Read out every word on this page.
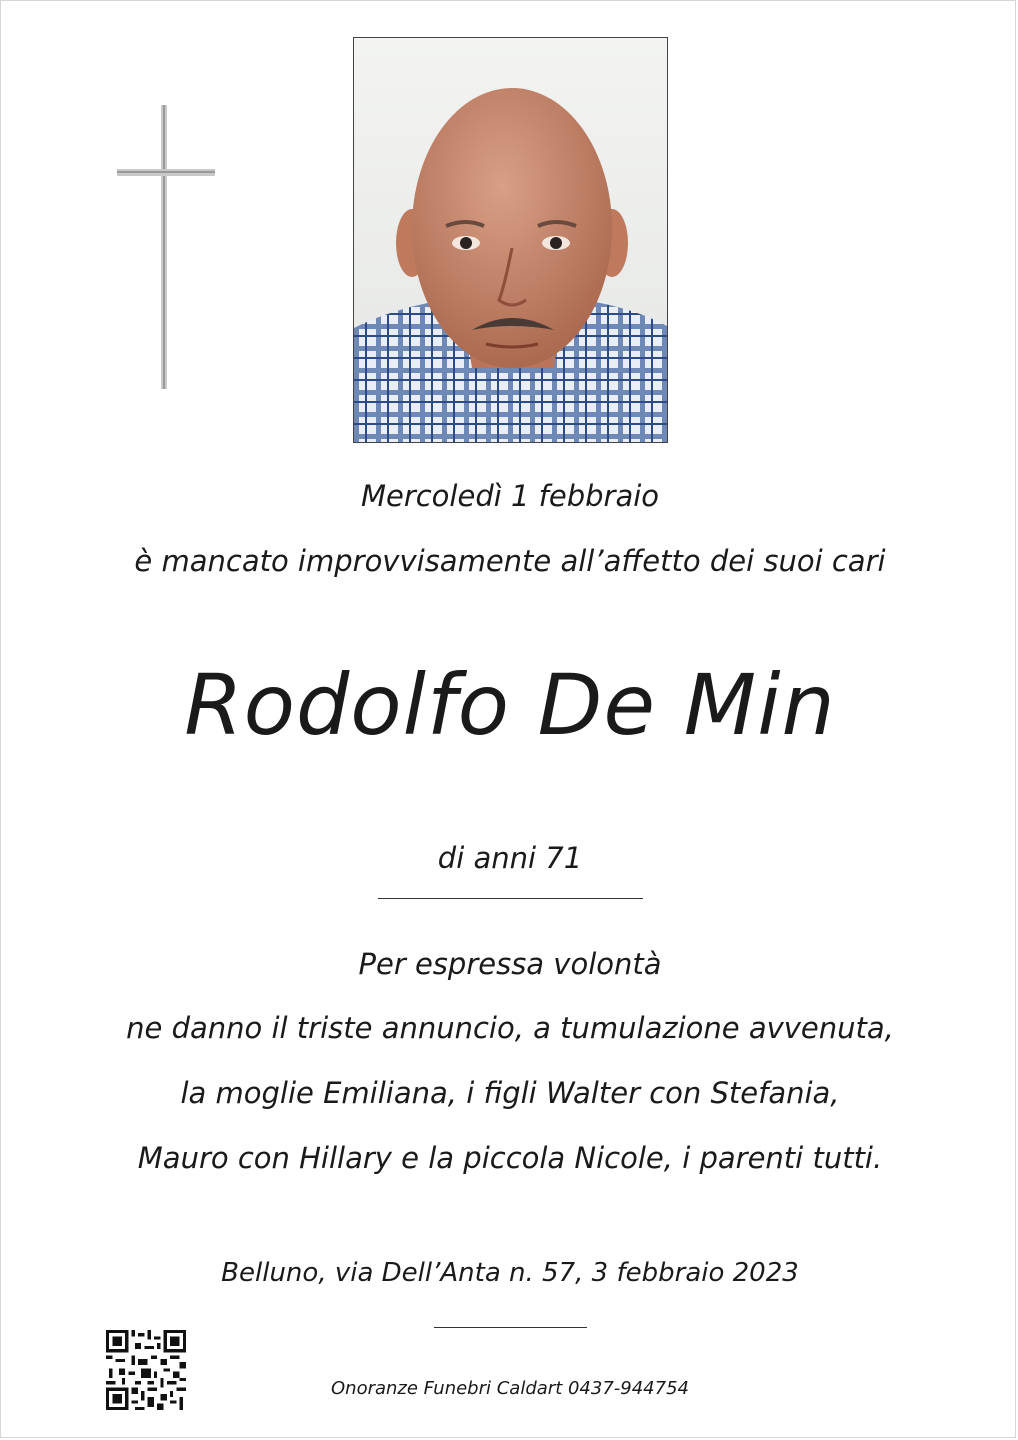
Mercoledì 1 febbraio
è mancato improvvisamente all’affetto dei suoi cari
Rodolfo De Min
di anni 71
Per espressa volontà
ne danno il triste annuncio, a tumulazione avvenuta,
la moglie Emiliana, i figli Walter con Stefania,
Mauro con Hillary e la piccola Nicole, i parenti tutti.
Belluno, via Dell’Anta n. 57, 3 febbraio 2023
Onoranze Funebri Caldart 0437-944754
